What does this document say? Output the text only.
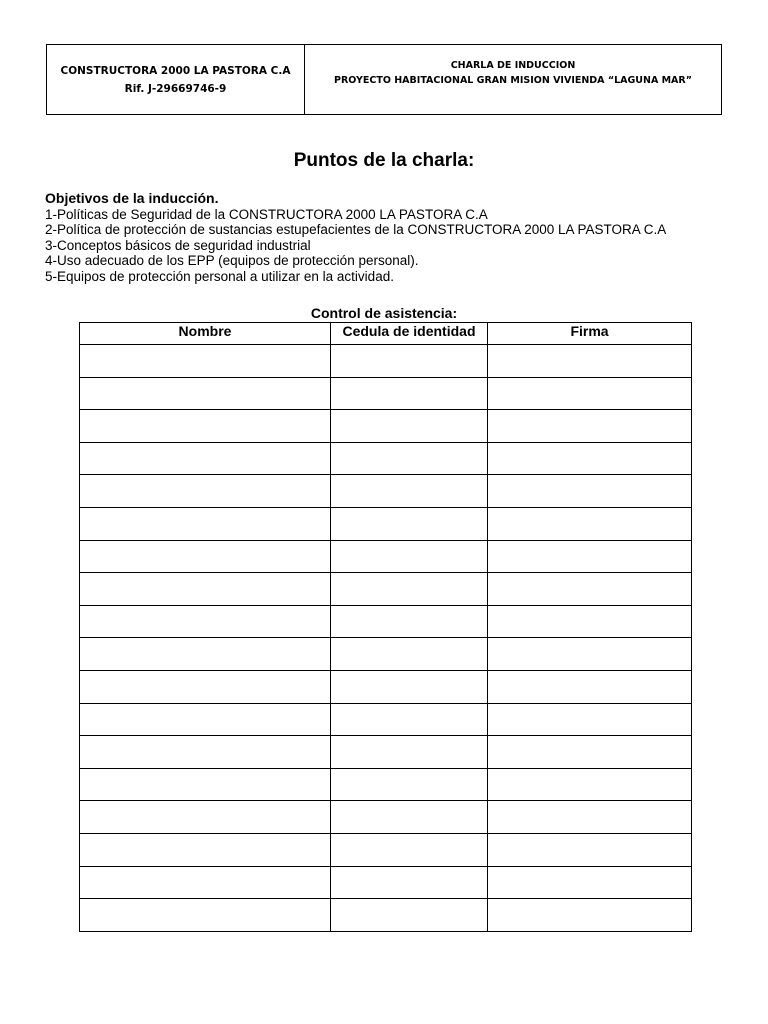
CONSTRUCTORA 2000 LA PASTORA C.A
Rif. J-29669746-9
CHARLA DE INDUCCION
PROYECTO HABITACIONAL GRAN MISION VIVIENDA “LAGUNA MAR”
Puntos de la charla:
Objetivos de la inducción.
1-Políticas de Seguridad de la CONSTRUCTORA 2000 LA PASTORA C.A
2-Política de protección de sustancias estupefacientes de la CONSTRUCTORA 2000 LA PASTORA C.A
3-Conceptos básicos de seguridad industrial
4-Uso adecuado de los EPP (equipos de protección personal).
5-Equipos de protección personal a utilizar en la actividad.
Control de asistencia:
Nombre	Cedula de identidad	Firma
